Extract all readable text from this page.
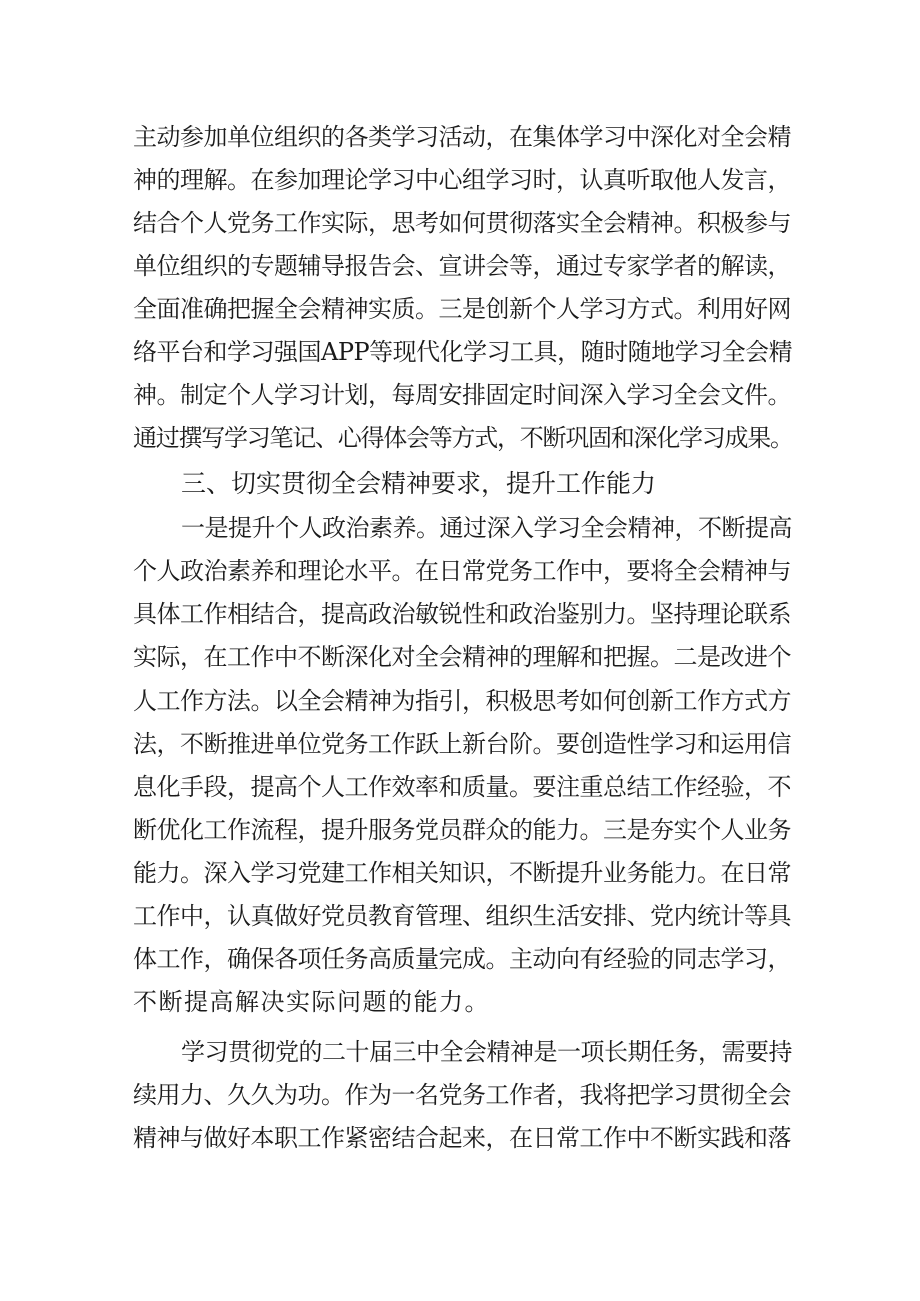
主动参加单位组织的各类学习活动，在集体学习中深化对全会精
神的理解。在参加理论学习中心组学习时，认真听取他人发言，
结合个人党务工作实际，思考如何贯彻落实全会精神。积极参与
单位组织的专题辅导报告会、宣讲会等，通过专家学者的解读，
全面准确把握全会精神实质。三是创新个人学习方式。利用好网
络平台和学习强国APP等现代化学习工具，随时随地学习全会精
神。制定个人学习计划，每周安排固定时间深入学习全会文件。
通过撰写学习笔记、心得体会等方式，不断巩固和深化学习成果。
三、切实贯彻全会精神要求，提升工作能力
一是提升个人政治素养。通过深入学习全会精神，不断提高
个人政治素养和理论水平。在日常党务工作中，要将全会精神与
具体工作相结合，提高政治敏锐性和政治鉴别力。坚持理论联系
实际，在工作中不断深化对全会精神的理解和把握。二是改进个
人工作方法。以全会精神为指引，积极思考如何创新工作方式方
法，不断推进单位党务工作跃上新台阶。要创造性学习和运用信
息化手段，提高个人工作效率和质量。要注重总结工作经验，不
断优化工作流程，提升服务党员群众的能力。三是夯实个人业务
能力。深入学习党建工作相关知识，不断提升业务能力。在日常
工作中，认真做好党员教育管理、组织生活安排、党内统计等具
体工作，确保各项任务高质量完成。主动向有经验的同志学习，
不断提高解决实际问题的能力。
学习贯彻党的二十届三中全会精神是一项长期任务，需要持
续用力、久久为功。作为一名党务工作者，我将把学习贯彻全会
精神与做好本职工作紧密结合起来，在日常工作中不断实践和落
